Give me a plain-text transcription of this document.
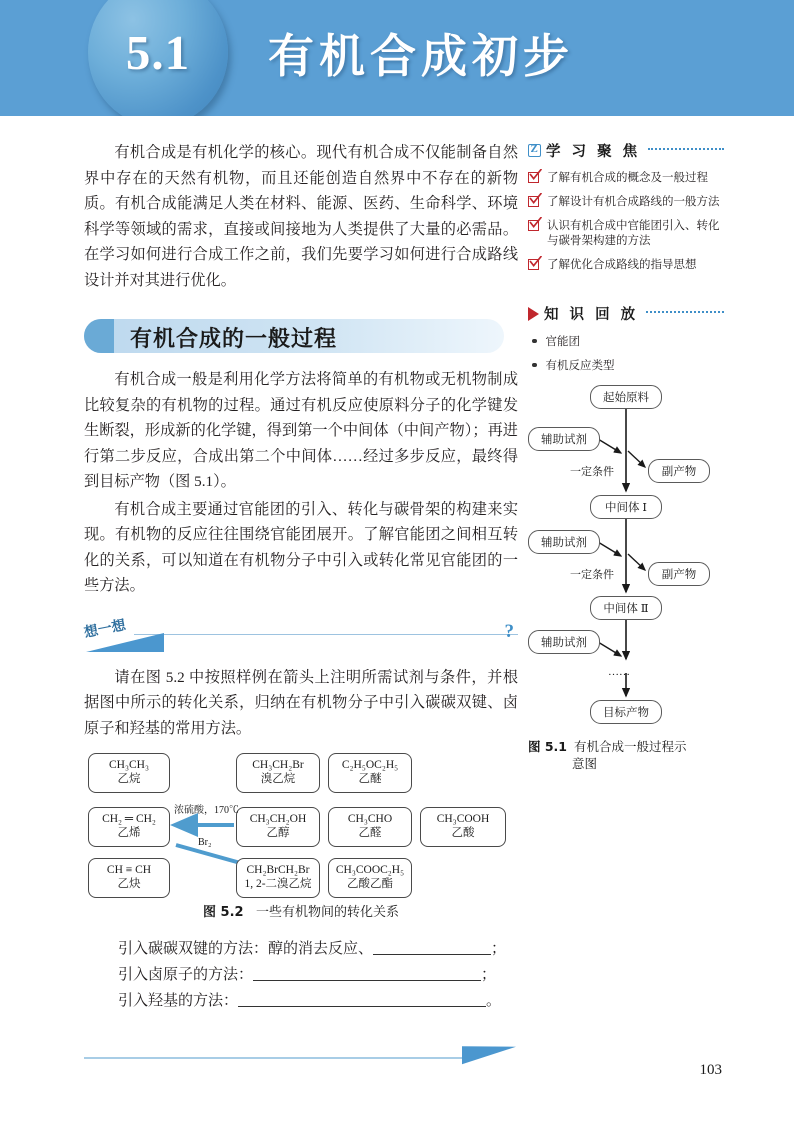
5.1	有机合成初步

有机合成是有机化学的核心。现代有机合成不仅能制备自然界中存在的天然有机物，而且还能创造自然界中不存在的新物质。有机合成能满足人类在材料、能源、医药、生命科学、环境科学等领域的需求，直接或间接地为人类提供了大量的必需品。在学习如何进行合成工作之前，我们先要学习如何进行合成路线设计并对其进行优化。

有机合成的一般过程

有机合成一般是利用化学方法将简单的有机物或无机物制成比较复杂的有机物的过程。通过有机反应使原料分子的化学键发生断裂，形成新的化学键，得到第一个中间体（中间产物）；再进行第二步反应，合成出第二个中间体……经过多步反应，最终得到目标产物（图 5.1）。

有机合成主要通过官能团的引入、转化与碳骨架的构建来实现。有机物的反应往往围绕官能团展开。了解官能团之间相互转化的关系，可以知道在有机物分子中引入或转化常见官能团的一些方法。

想一想	?

请在图 5.2 中按照样例在箭头上注明所需试剂与条件，并根据图中所示的转化关系，归纳在有机物分子中引入碳碳双键、卤原子和羟基的常用方法。

CH₃CH₃
乙烷
CH₃CH₂Br
溴乙烷
C₂H₅OC₂H₅
乙醚
CH₂ ═ CH₂
乙烯
CH₃CH₂OH
乙醇
CH₃CHO
乙醛
CH₃COOH
乙酸
CH ≡ CH
乙炔
CH₂BrCH₂Br
1, 2-二溴乙烷
CH₃COOC₂H₅
乙酸乙酯
浓硫酸，170℃
Br₂
图 5.2 一些有机物间的转化关系
引入碳碳双键的方法：醇的消去反应、	；
引入卤原子的方法：	；
引入羟基的方法：	。
Z
学 习 聚 焦
了解有机合成的概念及一般过程
了解设计有机合成路线的一般方法
认识有机合成中官能团引入、转化与碳骨架构建的方法
了解优化合成路线的指导思想
知 识 回 放
官能团
有机反应类型
起始原料
辅助试剂
副产物
中间体 Ⅰ
辅助试剂
副产物
中间体 Ⅱ
辅助试剂
目标产物
一定条件
一定条件
……
图 5.1 有机合成一般过程示
意图
103
